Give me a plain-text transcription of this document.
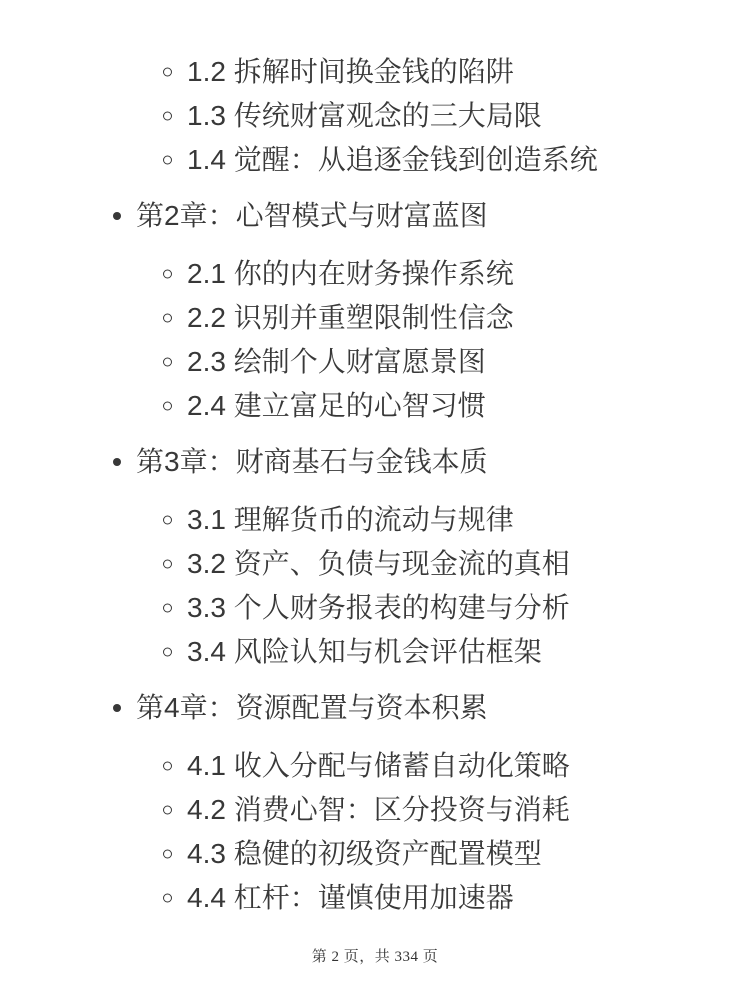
1.2 拆解时间换金钱的陷阱
1.3 传统财富观念的三大局限
1.4 觉醒：从追逐金钱到创造系统
第2章：心智模式与财富蓝图
2.1 你的内在财务操作系统
2.2 识别并重塑限制性信念
2.3 绘制个人财富愿景图
2.4 建立富足的心智习惯
第3章：财商基石与金钱本质
3.1 理解货币的流动与规律
3.2 资产、负债与现金流的真相
3.3 个人财务报表的构建与分析
3.4 风险认知与机会评估框架
第4章：资源配置与资本积累
4.1 收入分配与储蓄自动化策略
4.2 消费心智：区分投资与消耗
4.3 稳健的初级资产配置模型
4.4 杠杆：谨慎使用加速器
第 2 页，共 334 页
